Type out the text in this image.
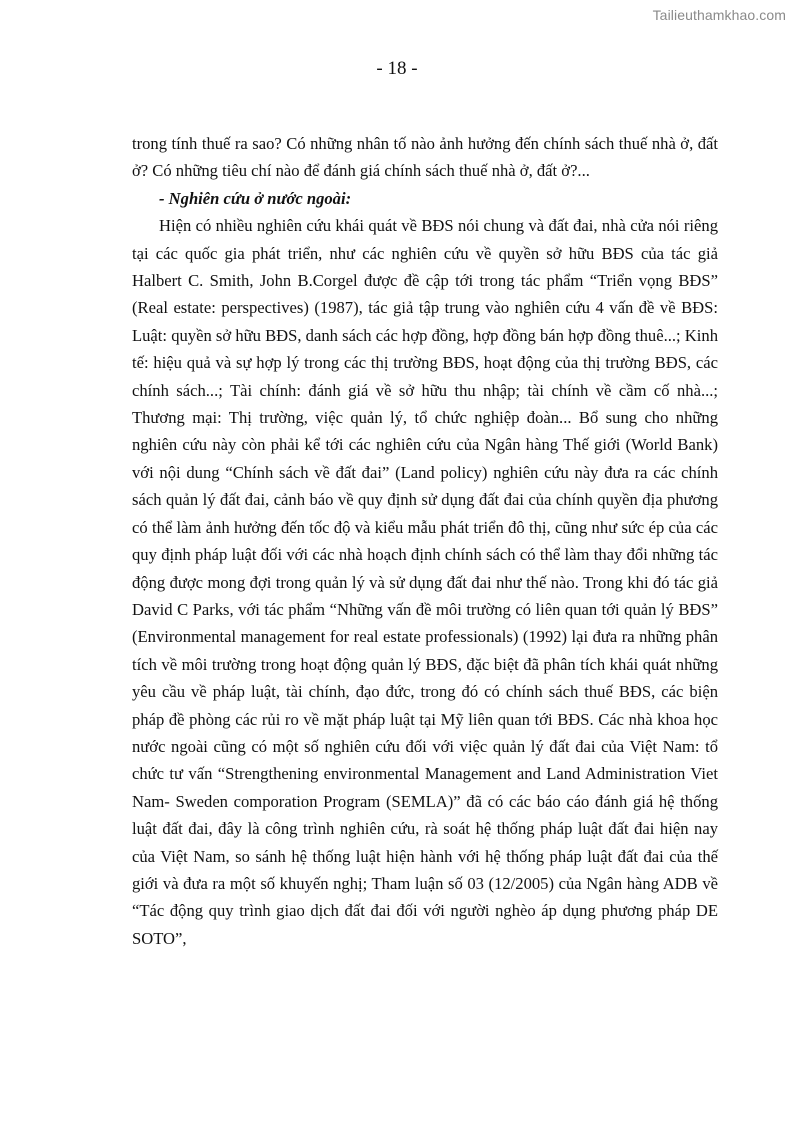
Tailieuthamkhao.com
- 18 -

trong tính thuế ra sao? Có những nhân tố nào ảnh hưởng đến chính sách thuế nhà ở, đất ở? Có những tiêu chí nào để đánh giá chính sách thuế nhà ở, đất ở?...

- Nghiên cứu ở nước ngoài:

Hiện có nhiều nghiên cứu khái quát về BĐS nói chung và đất đai, nhà cửa nói riêng tại các quốc gia phát triển, như các nghiên cứu về quyền sở hữu BĐS của tác giả Halbert C. Smith, John B.Corgel được đề cập tới trong tác phẩm “Triển vọng BĐS” (Real estate: perspectives) (1987), tác giả tập trung vào nghiên cứu 4 vấn đề về BĐS: Luật: quyền sở hữu BĐS, danh sách các hợp đồng, hợp đồng bán hợp đồng thuê...; Kinh tế: hiệu quả và sự hợp lý trong các thị trường BĐS, hoạt động của thị trường BĐS, các chính sách...; Tài chính: đánh giá về sở hữu thu nhập; tài chính về cầm cố nhà...; Thương mại: Thị trường, việc quản lý, tổ chức nghiệp đoàn... Bổ sung cho những nghiên cứu này còn phải kể tới các nghiên cứu của Ngân hàng Thế giới (World Bank) với nội dung “Chính sách về đất đai” (Land policy) nghiên cứu này đưa ra các chính sách quản lý đất đai, cảnh báo về quy định sử dụng đất đai của chính quyền địa phương có thể làm ảnh hưởng đến tốc độ và kiểu mẫu phát triển đô thị, cũng như sức ép của các quy định pháp luật đối với các nhà hoạch định chính sách có thể làm thay đổi những tác động được mong đợi trong quản lý và sử dụng đất đai như thế nào. Trong khi đó tác giả David C Parks, với tác phẩm “Những vấn đề môi trường có liên quan tới quản lý BĐS” (Environmental management for real estate professionals) (1992) lại đưa ra những phân tích về môi trường trong hoạt động quản lý BĐS, đặc biệt đã phân tích khái quát những yêu cầu về pháp luật, tài chính, đạo đức, trong đó có chính sách thuế BĐS, các biện pháp đề phòng các rủi ro về mặt pháp luật tại Mỹ liên quan tới BĐS. Các nhà khoa học nước ngoài cũng có một số nghiên cứu đối với việc quản lý đất đai của Việt Nam: tổ chức tư vấn “Strengthening environmental Management and Land Administration Viet Nam- Sweden comporation Program (SEMLA)” đã có các báo cáo đánh giá hệ thống luật đất đai, đây là công trình nghiên cứu, rà soát hệ thống pháp luật đất đai hiện nay của Việt Nam, so sánh hệ thống luật hiện hành với hệ thống pháp luật đất đai của thế giới và đưa ra một số khuyến nghị; Tham luận số 03 (12/2005) của Ngân hàng ADB về “Tác động quy trình giao dịch đất đai đối với người nghèo áp dụng phương pháp DE SOTO”,
